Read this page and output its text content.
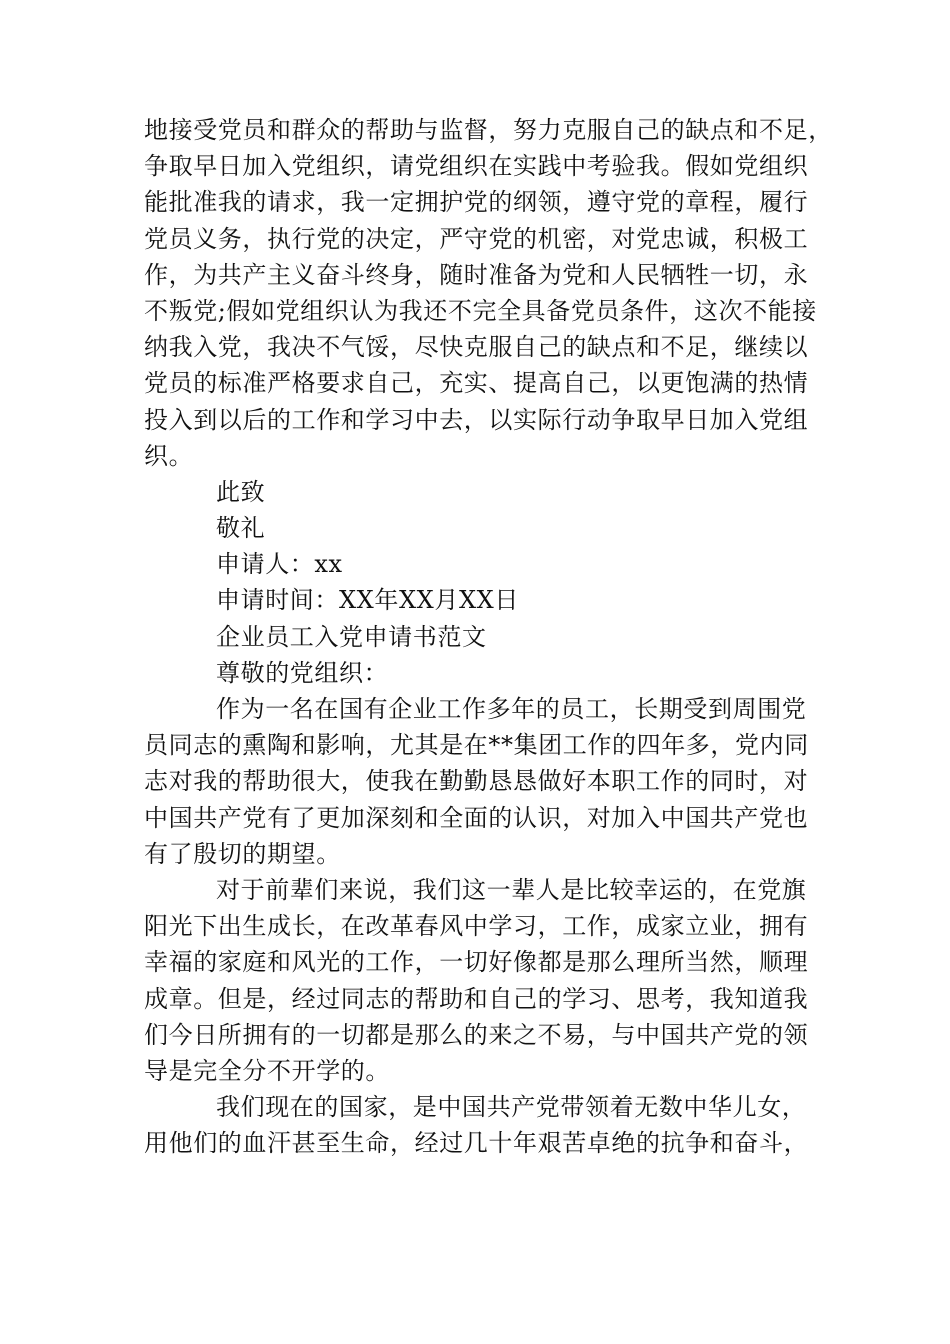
地接受党员和群众的帮助与监督，努力克服自己的缺点和不足，

争取早日加入党组织，请党组织在实践中考验我。假如党组织

能批准我的请求，我一定拥护党的纲领，遵守党的章程，履行

党员义务，执行党的决定，严守党的机密，对党忠诚，积极工

作，为共产主义奋斗终身，随时准备为党和人民牺牲一切，永

不叛党;假如党组织认为我还不完全具备党员条件，这次不能接

纳我入党，我决不气馁，尽快克服自己的缺点和不足，继续以

党员的标准严格要求自己，充实、提高自己，以更饱满的热情

投入到以后的工作和学习中去，以实际行动争取早日加入党组

织。

此致

敬礼

申请人：xx

申请时间：XX年XX月XX日

企业员工入党申请书范文

尊敬的党组织：

作为一名在国有企业工作多年的员工，长期受到周围党

员同志的熏陶和影响，尤其是在**集团工作的四年多，党内同

志对我的帮助很大，使我在勤勤恳恳做好本职工作的同时，对

中国共产党有了更加深刻和全面的认识，对加入中国共产党也

有了殷切的期望。

对于前辈们来说，我们这一辈人是比较幸运的，在党旗

阳光下出生成长，在改革春风中学习，工作，成家立业，拥有

幸福的家庭和风光的工作，一切好像都是那么理所当然，顺理

成章。但是，经过同志的帮助和自己的学习、思考，我知道我

们今日所拥有的一切都是那么的来之不易，与中国共产党的领

导是完全分不开学的。

我们现在的国家，是中国共产党带领着无数中华儿女，

用他们的血汗甚至生命，经过几十年艰苦卓绝的抗争和奋斗，
